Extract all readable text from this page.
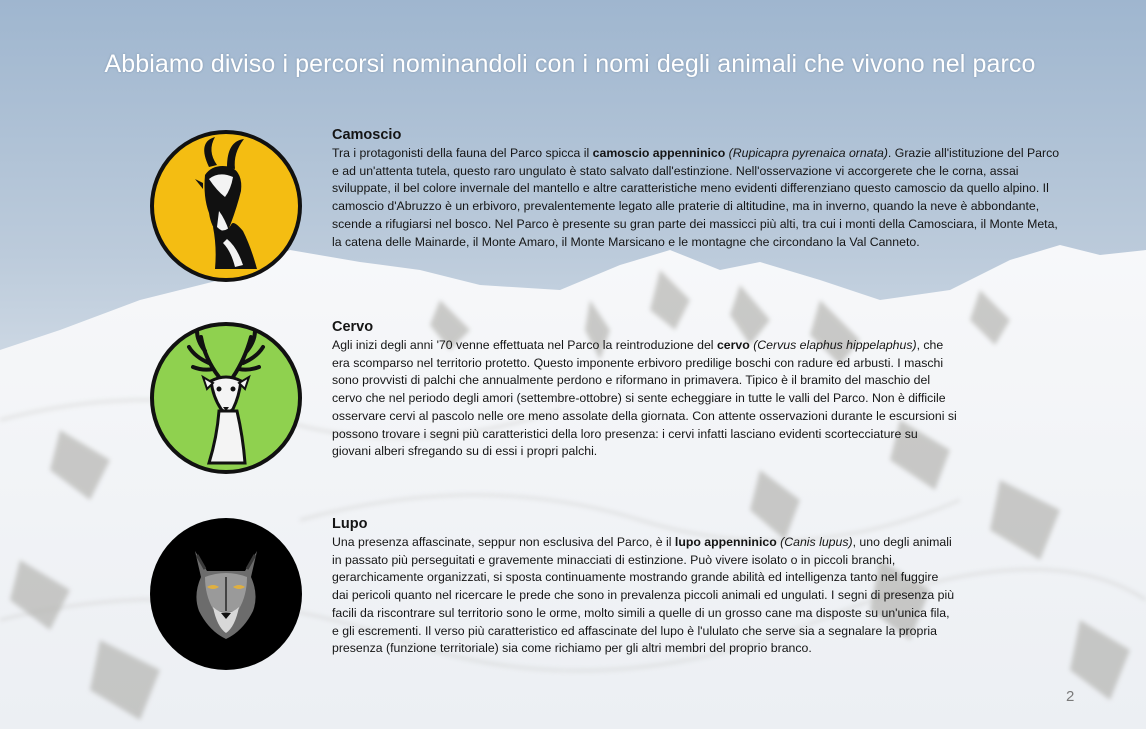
Abbiamo diviso i percorsi nominandoli con i nomi degli animali che vivono nel parco
Camoscio

Tra i protagonisti della fauna del Parco spicca il camoscio appenninico (Rupicapra pyrenaica ornata). Grazie all'istituzione del Parco e ad un'attenta tutela, questo raro ungulato è stato salvato dall'estinzione. Nell'osservazione vi accorgerete che le corna, assai sviluppate, il bel colore invernale del mantello e altre caratteristiche meno evidenti differenziano questo camoscio da quello alpino. Il camoscio d'Abruzzo è un erbivoro, prevalentemente legato alle praterie di altitudine, ma in inverno, quando la neve è abbondante, scende a rifugiarsi nel bosco. Nel Parco è presente su gran parte dei massicci più alti, tra cui i monti della Camosciara, il Monte Meta, la catena delle Mainarde, il Monte Amaro, il Monte Marsicano e le montagne che circondano la Val Canneto.

Cervo

Agli inizi degli anni '70 venne effettuata nel Parco la reintroduzione del cervo (Cervus elaphus hippelaphus), che era scomparso nel territorio protetto. Questo imponente erbivoro predilige boschi con radure ed arbusti. I maschi sono provvisti di palchi che annualmente perdono e riformano in primavera. Tipico è il bramito del maschio del cervo che nel periodo degli amori (settembre-ottobre) si sente echeggiare in tutte le valli del Parco. Non è difficile osservare cervi al pascolo nelle ore meno assolate della giornata. Con attente osservazioni durante le escursioni si possono trovare i segni più caratteristici della loro presenza: i cervi infatti lasciano evidenti scortecciature su giovani alberi sfregando su di essi i propri palchi.

Lupo

Una presenza affascinate, seppur non esclusiva del Parco, è il lupo appenninico (Canis lupus), uno degli animali in passato più perseguitati e gravemente minacciati di estinzione. Può vivere isolato o in piccoli branchi, gerarchicamente organizzati, si sposta continuamente mostrando grande abilità ed intelligenza tanto nel fuggire dai pericoli quanto nel ricercare le prede che sono in prevalenza piccoli animali ed ungulati. I segni di presenza più facili da riscontrare sul territorio sono le orme, molto simili a quelle di un grosso cane ma disposte su un'unica fila, e gli escrementi. Il verso più caratteristico ed affascinate del lupo è l'ululato che serve sia a segnalare la propria presenza (funzione territoriale) sia come richiamo per gli altri membri del proprio branco.

2
